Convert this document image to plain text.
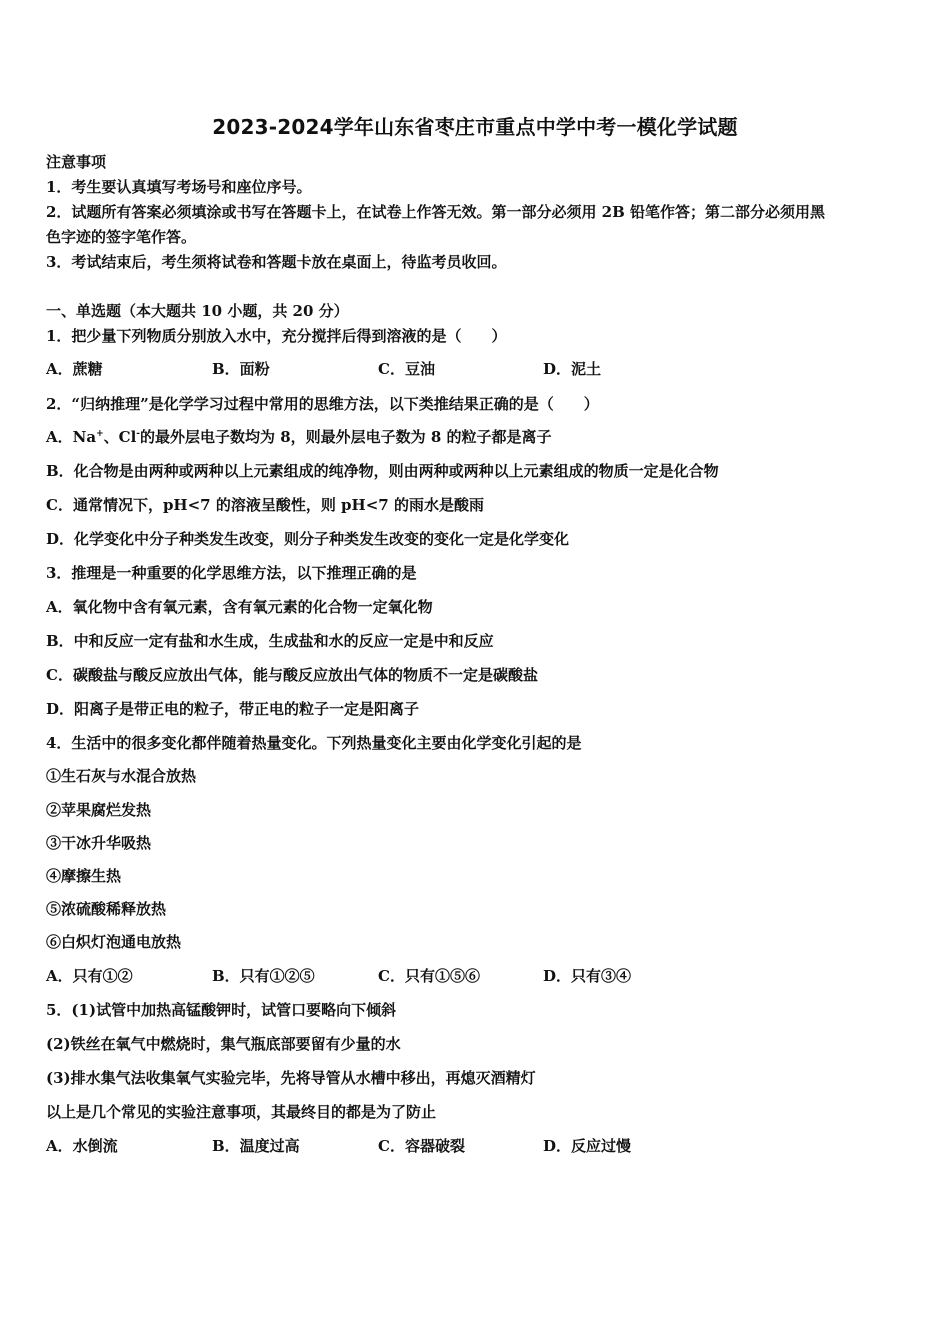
2023-2024学年山东省枣庄市重点中学中考一模化学试题
注意事项
1．考生要认真填写考场号和座位序号。
2．试题所有答案必须填涂或书写在答题卡上，在试卷上作答无效。第一部分必须用 2B 铅笔作答；第二部分必须用黑
色字迹的签字笔作答。
3．考试结束后，考生须将试卷和答题卡放在桌面上，待监考员收回。
一、单选题（本大题共 10 小题，共 20 分）
1．把少量下列物质分别放入水中，充分搅拌后得到溶液的是（　　）
A．蔗糖	B．面粉	C．豆油	D．泥土
2．“归纳推理”是化学学习过程中常用的思维方法，以下类推结果正确的是（　　）
A．Na+、Cl-的最外层电子数均为 8，则最外层电子数为 8 的粒子都是离子
B．化合物是由两种或两种以上元素组成的纯净物，则由两种或两种以上元素组成的物质一定是化合物
C．通常情况下，pH<7 的溶液呈酸性，则 pH<7 的雨水是酸雨
D．化学变化中分子种类发生改变，则分子种类发生改变的变化一定是化学变化
3．推理是一种重要的化学思维方法，以下推理正确的是
A．氧化物中含有氧元素，含有氧元素的化合物一定氧化物
B．中和反应一定有盐和水生成，生成盐和水的反应一定是中和反应
C．碳酸盐与酸反应放出气体，能与酸反应放出气体的物质不一定是碳酸盐
D．阳离子是带正电的粒子，带正电的粒子一定是阳离子
4．生活中的很多变化都伴随着热量变化。下列热量变化主要由化学变化引起的是
①生石灰与水混合放热
②苹果腐烂发热
③干冰升华吸热
④摩擦生热
⑤浓硫酸稀释放热
⑥白炽灯泡通电放热
A．只有①②	B．只有①②⑤	C．只有①⑤⑥	D．只有③④
5．(1)试管中加热高锰酸钾时，试管口要略向下倾斜
(2)铁丝在氧气中燃烧时，集气瓶底部要留有少量的水
(3)排水集气法收集氧气实验完毕，先将导管从水槽中移出，再熄灭酒精灯
以上是几个常见的实验注意事项，其最终目的都是为了防止
A．水倒流	B．温度过高	C．容器破裂	D．反应过慢
